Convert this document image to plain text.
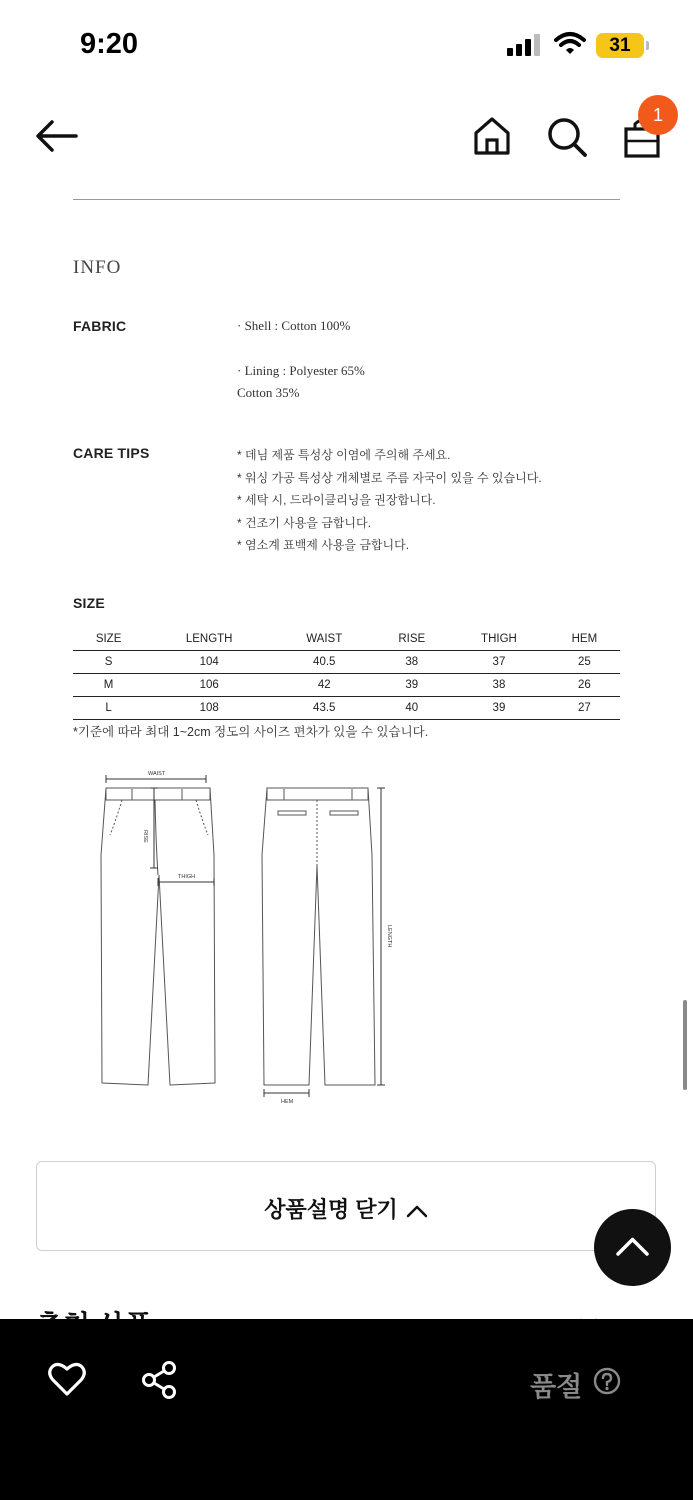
9:20	31
1
INFO
FABRIC	· Shell : Cotton 100%
· Lining : Polyester 65%
Cotton 35%
CARE TIPS	* 데님 제품 특성상 이염에 주의해 주세요.
* 워싱 가공 특성상 개체별로 주름 자국이 있을 수 있습니다.
* 세탁 시, 드라이클리닝을 권장합니다.
* 건조기 사용을 금합니다.
* 염소계 표백제 사용을 금합니다.
SIZE
SIZE	LENGTH	WAIST	RISE	THIGH	HEM
S	104	40.5	38	37	25
M	106	42	39	38	26
L	108	43.5	40	39	27
*기준에 따라 최대 1~2cm 정도의 사이즈 편차가 있을 수 있습니다.
WAIST
RISE
THIGH
LENGTH
HEM
상품설명 닫기
품절
